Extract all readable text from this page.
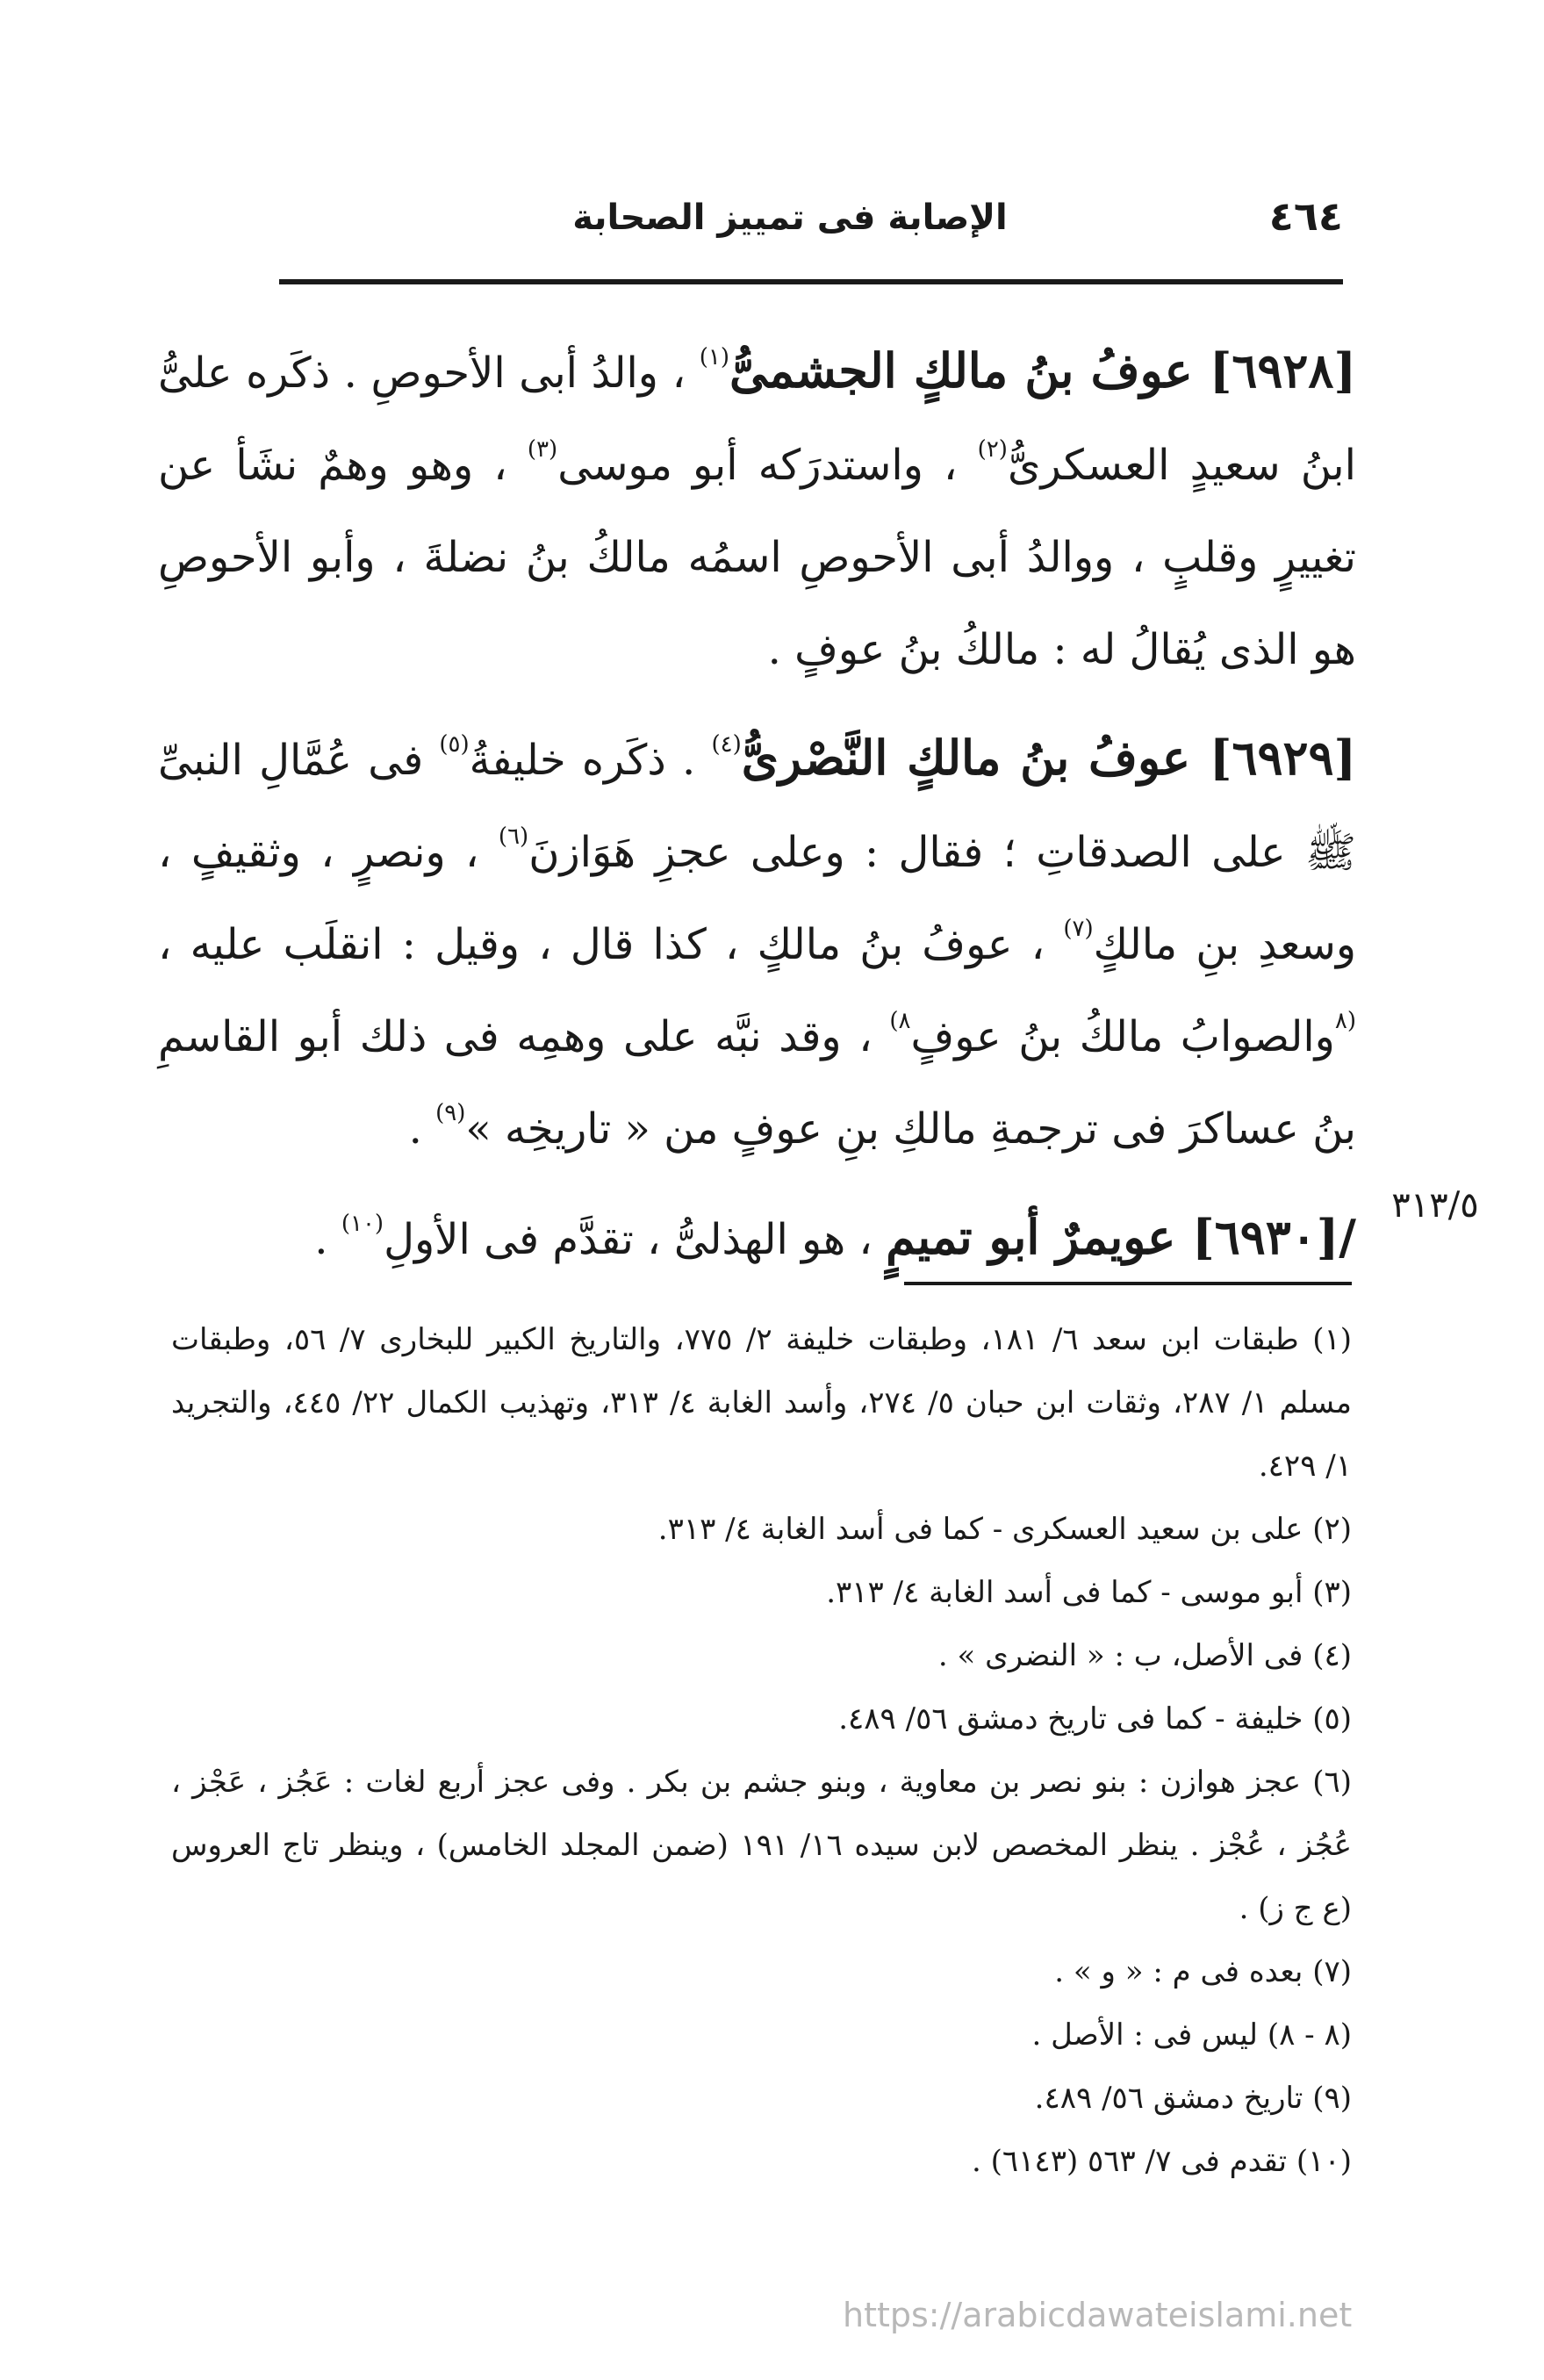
٤٦٤
الإصابة فى تمييز الصحابة

[٦٩٢٨] عوفُ بنُ مالكٍ الجشمىُّ$^{(١)}$ ، والدُ أبى الأحوصِ . ذكَره علىُّ ابنُ سعيدٍ العسكرىُّ$^{(٢)}$ ، واستدرَكه أبو موسى$^{(٣)}$ ، وهو وهمٌ نشَأ عن تغييرٍ وقلبٍ ، ووالدُ أبى الأحوصِ اسمُه مالكُ بنُ نضلةَ ، وأبو الأحوصِ هو الذى يُقالُ له : مالكُ بنُ عوفٍ .

[٦٩٢٩] عوفُ بنُ مالكٍ النَّصْرىُّ$^{(٤)}$ . ذكَره خليفةُ$^{(٥)}$ فى عُمَّالِ النبىِّ ﷺ على الصدقاتِ ؛ فقال : وعلى عجزِ هَوَازنَ$^{(٦)}$ ، ونصرٍ ، وثقيفٍ ، وسعدِ بنِ مالكٍ$^{(٧)}$ ، عوفُ بنُ مالكٍ ، كذا قال ، وقيل : انقلَب عليه ، $^{(٨}$والصوابُ مالكُ بنُ عوفٍ$^{٨)}$ ، وقد نبَّه على وهمِه فى ذلك أبو القاسمِ بنُ عساكرَ فى ترجمةِ مالكِ بنِ عوفٍ من « تاريخِه »$^{(٩)}$ .

/[٦٩٣٠] عويمرٌ أبو تميمٍ ، هو الهذلىُّ ، تقدَّم فى الأولِ$^{(١٠)}$ .

٣١٣/٥

(١) طبقات ابن سعد ٦/ ١٨١، وطبقات خليفة ٢/ ٧٧٥، والتاريخ الكبير للبخارى ٧/ ٥٦، وطبقات مسلم ١/ ٢٨٧، وثقات ابن حبان ٥/ ٢٧٤، وأسد الغابة ٤/ ٣١٣، وتهذيب الكمال ٢٢/ ٤٤٥، والتجريد ١/ ٤٢٩.

(٢) على بن سعيد العسكرى - كما فى أسد الغابة ٤/ ٣١٣.

(٣) أبو موسى - كما فى أسد الغابة ٤/ ٣١٣.

(٤) فى الأصل، ب : « النضرى » .

(٥) خليفة - كما فى تاريخ دمشق ٥٦/ ٤٨٩.

(٦) عجز هوازن : بنو نصر بن معاوية ، وبنو جشم بن بكر . وفى عجز أربع لغات : عَجُز ، عَجْز ، عُجُز ، عُجْز . ينظر المخصص لابن سيده ١٦/ ١٩١ (ضمن المجلد الخامس) ، وينظر تاج العروس (ع ج ز) .

(٧) بعده فى م : « و » .

(٨ - ٨) ليس فى : الأصل .

(٩) تاريخ دمشق ٥٦/ ٤٨٩.

(١٠) تقدم فى ٧/ ٥٦٣ (٦١٤٣) .

https://arabicdawateislami.net
